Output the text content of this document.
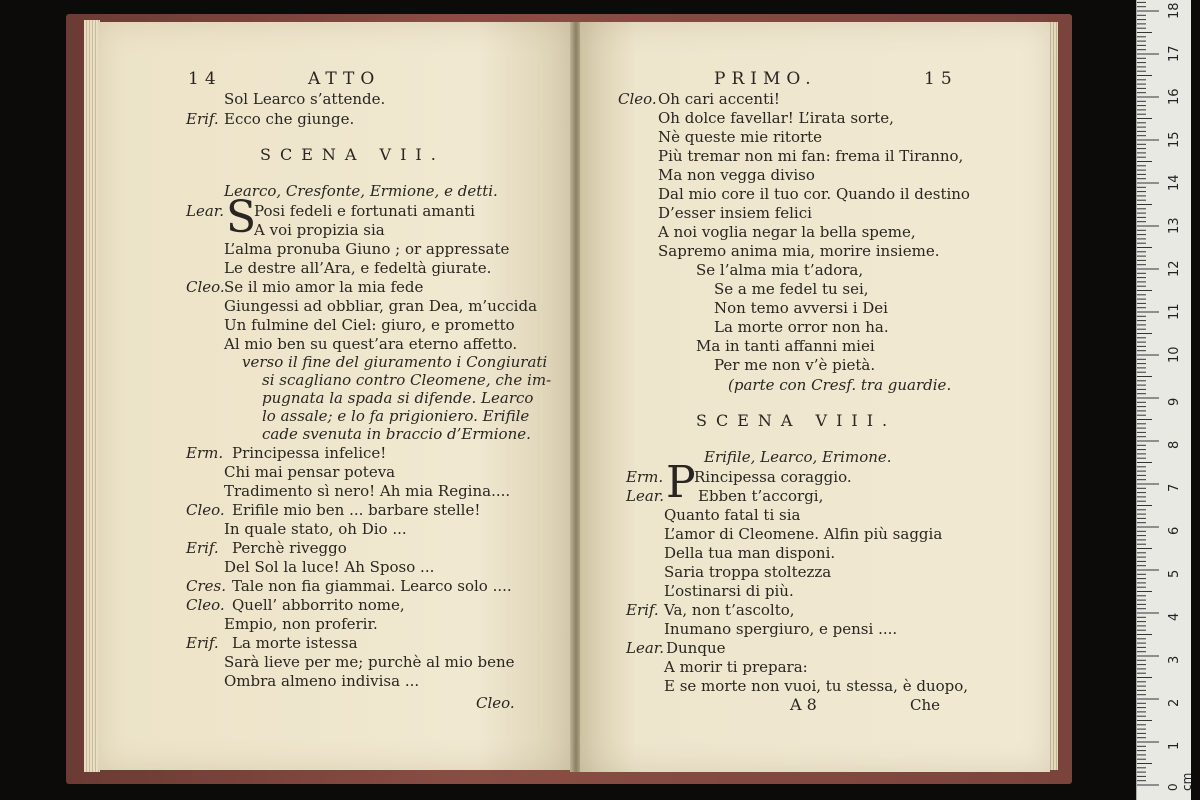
14	ATTO
Sol Learco s’attende.
Erif. Ecco che giunge.
SCENA VII.
Learco, Cresfonte, Ermione, e detti.
Lear. S
Posi fedeli e fortunati amanti
A voi propizia sia
L’alma pronuba Giuno ; or appressate
Le destre all’Ara, e fedeltà giurate.
Cleo. Se il mio amor la mia fede
Giungessi ad obbliar, gran Dea, m’uccida
Un fulmine del Ciel: giuro, e prometto
Al mio ben su quest’ara eterno affetto.
verso il fine del giuramento i Congiurati
si scagliano contro Cleomene, che im-
pugnata la spada si difende. Learco
lo assale; e lo fa prigioniero. Erifile
cade svenuta in braccio d’Ermione.
Erm. Principessa infelice!
Chi mai pensar poteva
Tradimento sì nero! Ah mia Regina....
Cleo. Erifile mio ben ... barbare stelle!
In quale stato, oh Dio ...
Erif. Perchè riveggo
Del Sol la luce! Ah Sposo ...
Cres. Tale non fia giammai. Learco solo ....
Cleo. Quell’ abborrito nome,
Empio, non proferir.
Erif. La morte istessa
Sarà lieve per me; purchè al mio bene
Ombra almeno indivisa ...
Cleo.
PRIMO.	15
Cleo. Oh cari accenti!
Oh dolce favellar! L’irata sorte,
Nè queste mie ritorte
Più tremar non mi fan: frema il Tiranno,
Ma non vegga diviso
Dal mio core il tuo cor. Quando il destino
D’esser insiem felici
A noi voglia negar la bella speme,
Sapremo anima mia, morire insieme.
Se l’alma mia t’adora,
Se a me fedel tu sei,
Non temo avversi i Dei
La morte orror non ha.
Ma in tanti affanni miei
Per me non v’è pietà.
(parte con Cresf. tra guardie.
SCENA VIII.
Erifile, Learco, Erimone.
Erm. P
Rincipessa coraggio.
Lear. Ebben t’accorgi,
Quanto fatal ti sia
L’amor di Cleomene. Alfin più saggia
Della tua man disponi.
Saria troppa stoltezza
L’ostinarsi di più.
Erif. Va, non t’ascolto,
Inumano spergiuro, e pensi ....
Lear. Dunque
A morir ti prepara:
E se morte non vuoi, tu stessa, è duopo,
A 8	Che
1
2
3
4
5
6
7
8
9
10
11
12
13
14
15
16
17
18
0 cm
